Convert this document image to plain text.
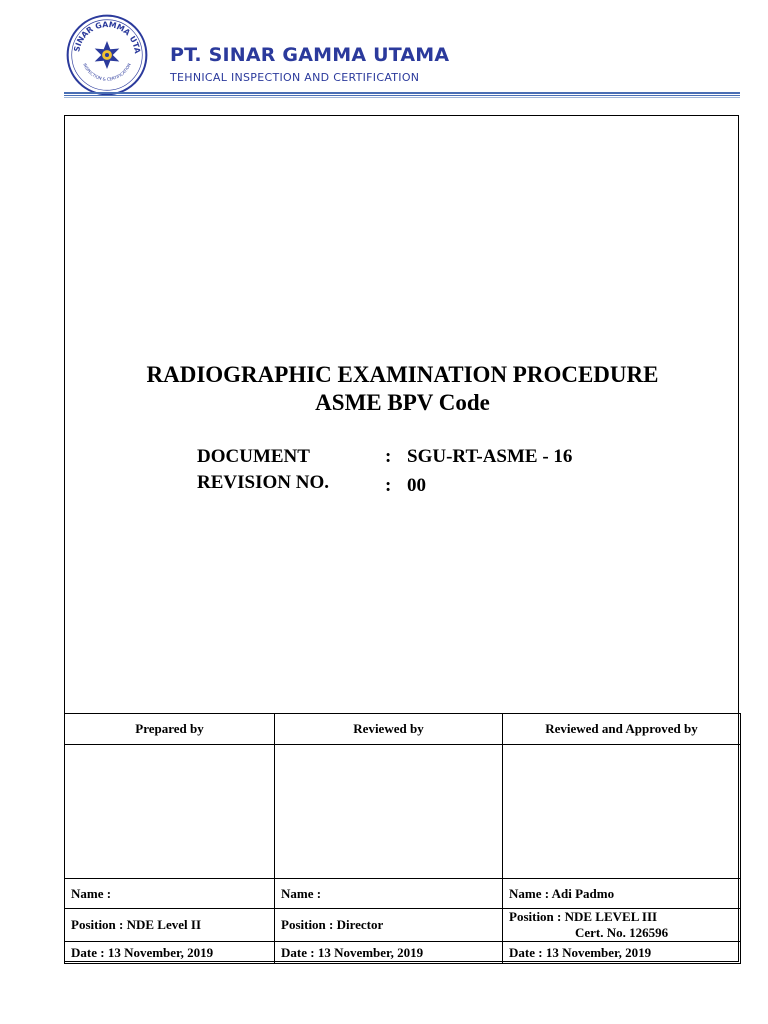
SINAR GAMMA UTA
INSPECTION & CERTIFICATION PT. SINAR GAMMA UTAMA
TEHNICAL INSPECTION AND CERTIFICATION
RADIOGRAPHIC EXAMINATION PROCEDURE
ASME BPV Code
DOCUMENT	: SGU-RT-ASME - 16
REVISION NO.	: 00
Prepared by	Reviewed by	Reviewed and Approved by

Name :	Name :	Name : Adi Padmo
Position : NDE Level II	Position : Director	Position : NDE LEVEL III
Cert. No. 126596

Date : 13 November, 2019	Date : 13 November, 2019	Date : 13 November, 2019
